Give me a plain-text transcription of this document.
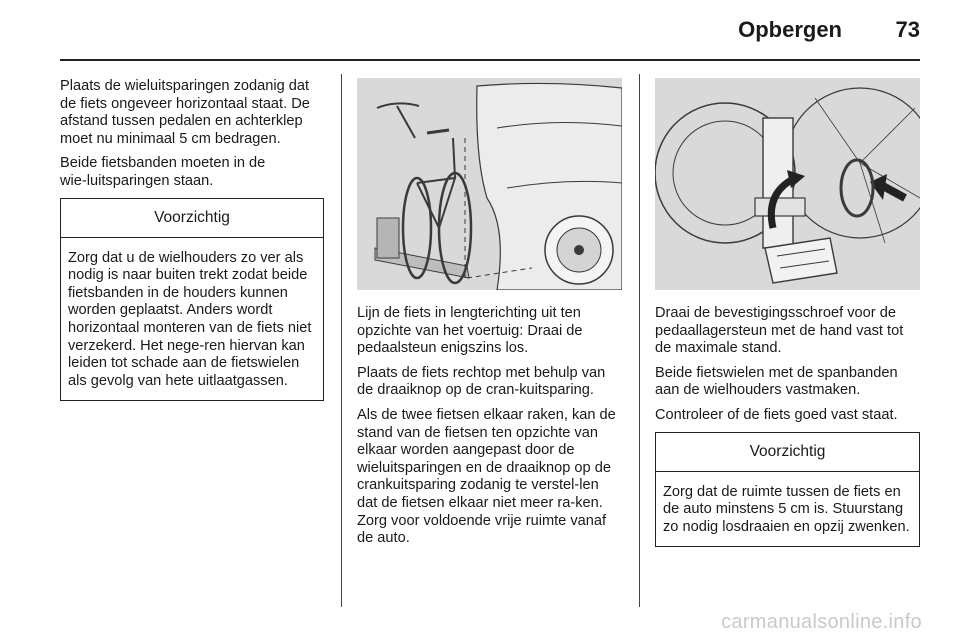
Opbergen 73

Plaats de wieluitsparingen zodanig dat de fiets ongeveer horizontaal staat. De afstand tussen pedalen en achterklep moet nu minimaal 5 cm bedragen.

Beide fietsbanden moeten in de wie‑luitsparingen staan.

Voorzichtig
Zorg dat u de wielhouders zo ver als nodig is naar buiten trekt zodat beide fietsbanden in de houders kunnen worden geplaatst. Anders wordt horizontaal monteren van de fiets niet verzekerd. Het nege‑ren hiervan kan leiden tot schade aan de fietswielen als gevolg van hete uitlaatgassen.

Lijn de fiets in lengterichting uit ten opzichte van het voertuig: Draai de pedaalsteun enigszins los.

Plaats de fiets rechtop met behulp van de draaiknop op de cran‑kuitsparing.

Als de twee fietsen elkaar raken, kan de stand van de fietsen ten opzichte van elkaar worden aangepast door de wieluitsparingen en de draaiknop op de crankuitsparing zodanig te verstel‑len dat de fietsen elkaar niet meer ra‑ken. Zorg voor voldoende vrije ruimte vanaf de auto.

Draai de bevestigingsschroef voor de pedaallagersteun met de hand vast tot de maximale stand.

Beide fietswielen met de spanbanden aan de wielhouders vastmaken.

Controleer of de fiets goed vast staat.

Voorzichtig
Zorg dat de ruimte tussen de fiets en de auto minstens 5 cm is. Stuurstang zo nodig losdraaien en opzij zwenken.
carmanualsonline.info
